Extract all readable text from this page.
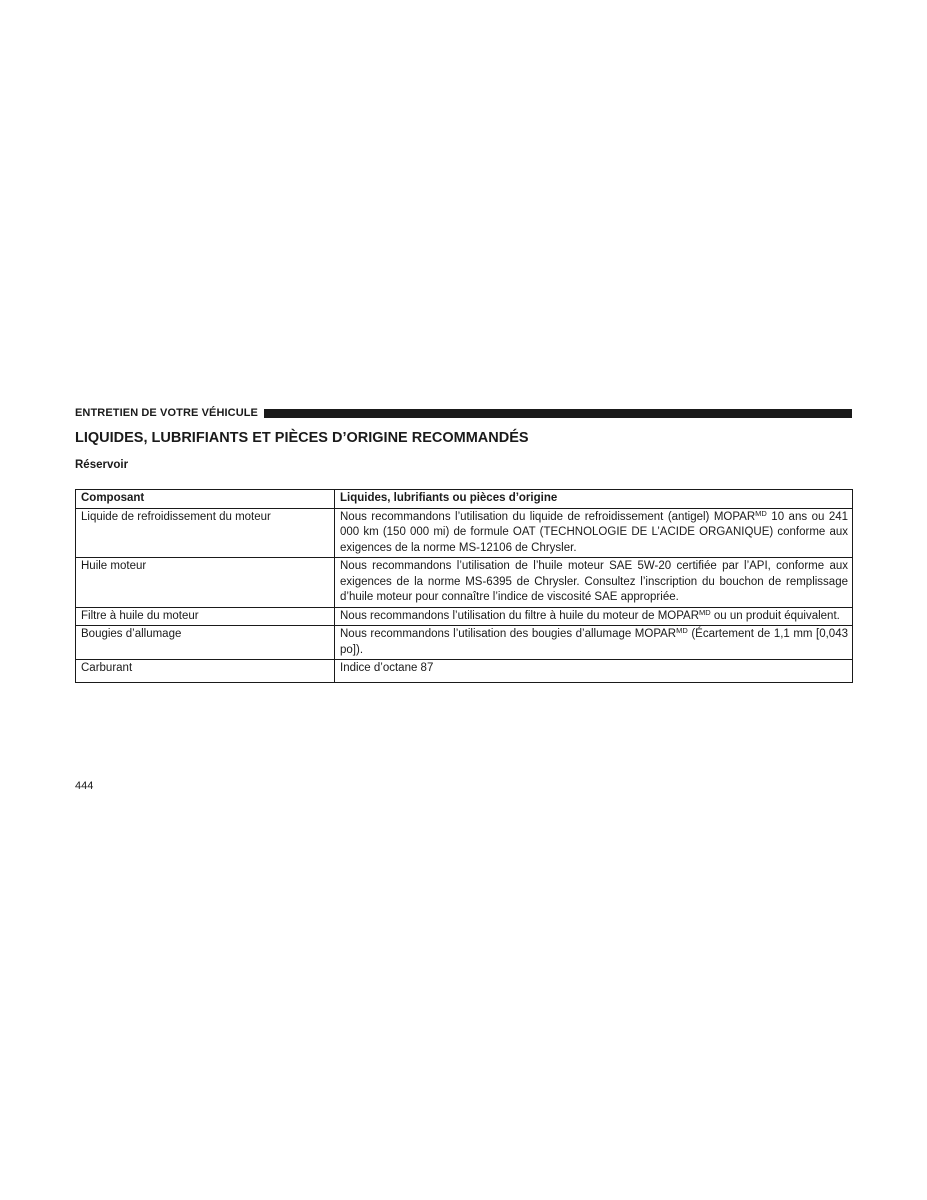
ENTRETIEN DE VOTRE VÉHICULE
LIQUIDES, LUBRIFIANTS ET PIÈCES D’ORIGINE RECOMMANDÉS
Réservoir
Composant	Liquides, lubrifiants ou pièces d’origine
Liquide de refroidissement du moteur	Nous recommandons l’utilisation du liquide de refroidissement (antigel) $MOPAR^{MD}$ 10 ans ou 241 000 km (150 000 mi) de formule OAT (TECHNOLOGIE DE L’ACIDE ORGANIQUE) conforme aux exigences de la norme MS-12106 de Chrysler.
Huile moteur	Nous recommandons l’utilisation de l’huile moteur SAE 5W-20 certifiée par l’API, conforme aux exigences de la norme MS-6395 de Chrysler. Consultez l’inscription du bouchon de remplissage d’huile moteur pour connaître l’indice de viscosité SAE appropriée.
Filtre à huile du moteur	Nous recommandons l’utilisation du filtre à huile du moteur de $MOPAR^{MD}$ ou un produit équivalent.
Bougies d’allumage	Nous recommandons l’utilisation des bougies d’allumage $MOPAR^{MD}$ (Écartement de 1,1 mm [0,043 po]).
Carburant	Indice d’octane 87
444
